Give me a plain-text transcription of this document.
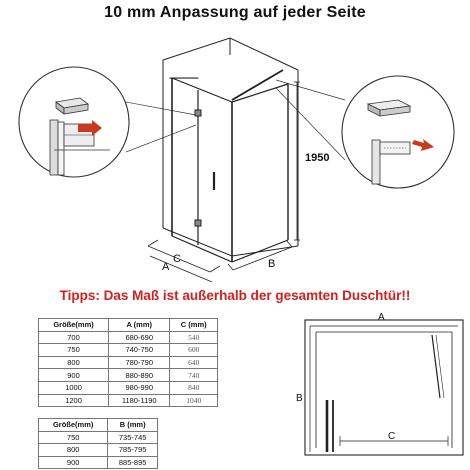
10 mm Anpassung auf jeder Seite
C
A	B
1950
Tipps: Das Maß ist außerhalb der gesamten Duschtür!!
A
B
C
Größe(mm)	A (mm)	C (mm)
700	680-690	540
750	740-750	600
800	780-790	640
900	880-890	740
1000	980-990	840
1200	1180-1190	1040
Größe(mm)	B (mm)
750	735-745
800	785-795
900	885-895
